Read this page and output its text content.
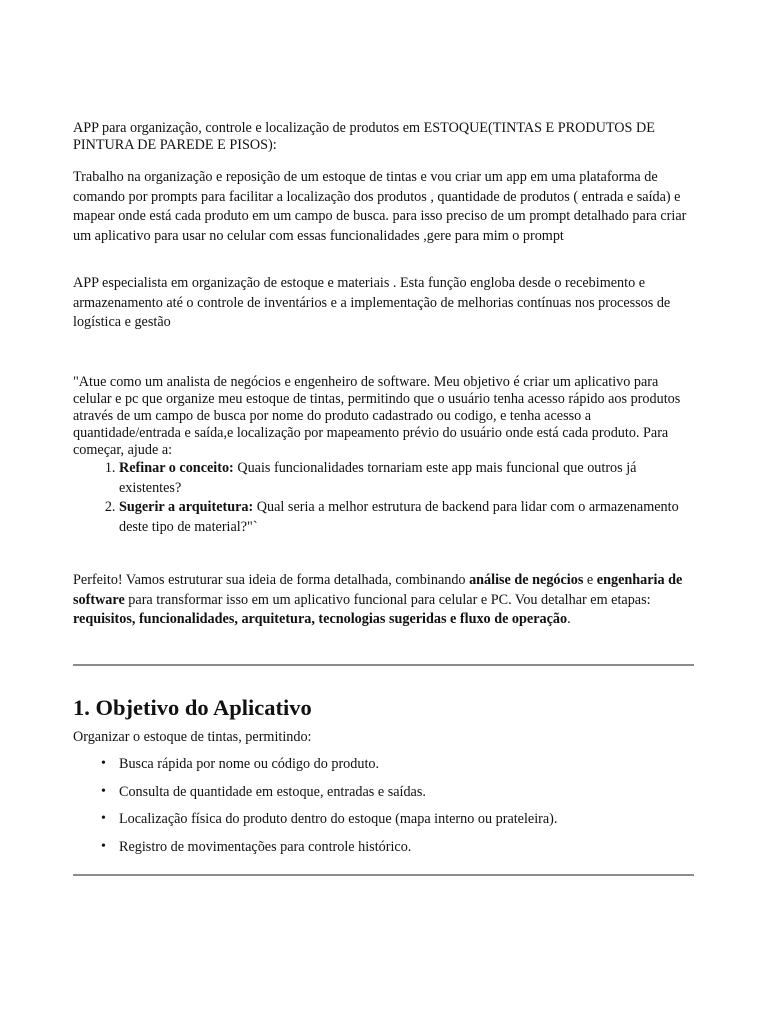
APP para organização, controle e localização de produtos em ESTOQUE(TINTAS E PRODUTOS DE PINTURA DE PAREDE E PISOS):

Trabalho na organização e reposição de um estoque de tintas e vou criar um app em uma plataforma de comando por prompts para facilitar a localização dos produtos , quantidade de produtos ( entrada e saída) e mapear onde está cada produto em um campo de busca. para isso preciso de um prompt detalhado para criar um aplicativo para usar no celular com essas funcionalidades ,gere para mim o prompt

APP especialista em organização de estoque e materiais . Esta função engloba desde o recebimento e armazenamento até o controle de inventários e a implementação de melhorias contínuas nos processos de logística e gestão

"Atue como um analista de negócios e engenheiro de software. Meu objetivo é criar um aplicativo para celular e pc que organize meu estoque de tintas, permitindo que o usuário tenha acesso rápido aos produtos através de um campo de busca por nome do produto cadastrado ou codigo, e tenha acesso a quantidade/entrada e saída,e localização por mapeamento prévio do usuário onde está cada produto. Para começar, ajude a:

1. Refinar o conceito: Quais funcionalidades tornariam este app mais funcional que outros já existentes?
2. Sugerir a arquitetura: Qual seria a melhor estrutura de backend para lidar com o armazenamento deste tipo de material?"`

Perfeito! Vamos estruturar sua ideia de forma detalhada, combinando análise de negócios e engenharia de software para transformar isso em um aplicativo funcional para celular e PC. Vou detalhar em etapas: requisitos, funcionalidades, arquitetura, tecnologias sugeridas e fluxo de operação.

1. Objetivo do Aplicativo

Organizar o estoque de tintas, permitindo:

• Busca rápida por nome ou código do produto.
• Consulta de quantidade em estoque, entradas e saídas.
• Localização física do produto dentro do estoque (mapa interno ou prateleira).
• Registro de movimentações para controle histórico.
